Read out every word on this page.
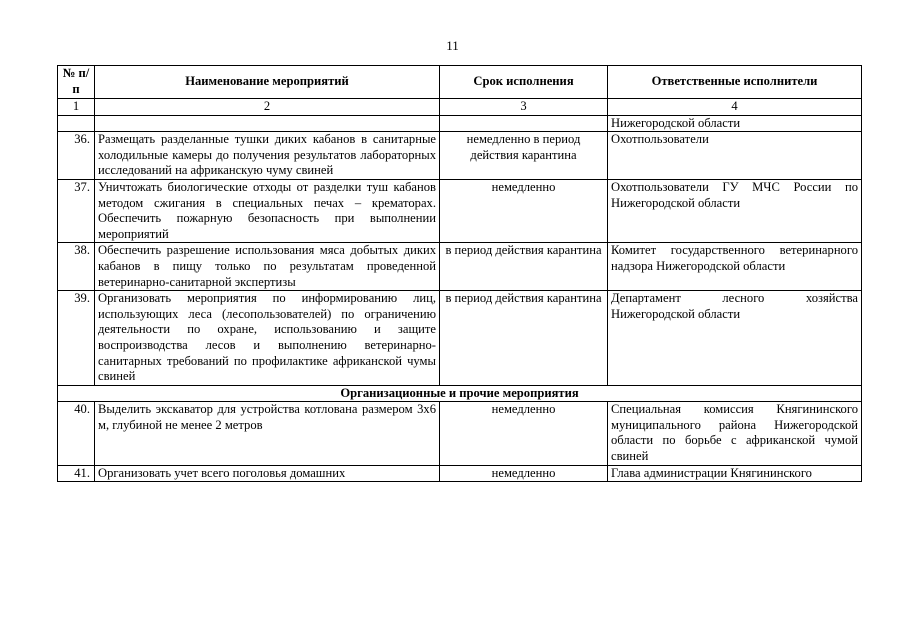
11
№ п/п	Наименование мероприятий	Срок исполнения	Ответственные исполнители
1	2	3	4
			Нижегородской области
36.	Размещать разделанные тушки диких кабанов в санитарные холодильные камеры до получения результатов лабораторных исследований на африканскую чуму свиней	немедленно в период действия карантина	Охотпользователи
37.	Уничтожать биологические отходы от разделки туш кабанов методом сжигания в специальных печах – крематорах. Обеспечить пожарную безопасность при выполнении мероприятий	немедленно	Охотпользователи ГУ МЧС России по Нижегородской области
38.	Обеспечить разрешение использования мяса добытых диких кабанов в пищу только по результатам проведенной ветеринарно-санитарной экспертизы	в период действия карантина	Комитет государственного ветеринарного надзора Нижегородской области
39.	Организовать мероприятия по информированию лиц, использующих леса (лесопользователей) по ограничению деятельности по охране, использованию и защите воспроизводства лесов и выполнению ветеринарно-санитарных требований по профилактике африканской чумы свиней	в период действия карантина	Департамент лесного хозяйства Нижегородской области
Организационные и прочие мероприятия			
40.	Выделить экскаватор для устройства котлована размером 3х6 м, глубиной не менее 2 метров	немедленно	Специальная комиссия Княгининского муниципального района Нижегородской области по борьбе с африканской чумой свиней
41.	Организовать учет всего поголовья домашних	немедленно	Глава администрации Княгининского
